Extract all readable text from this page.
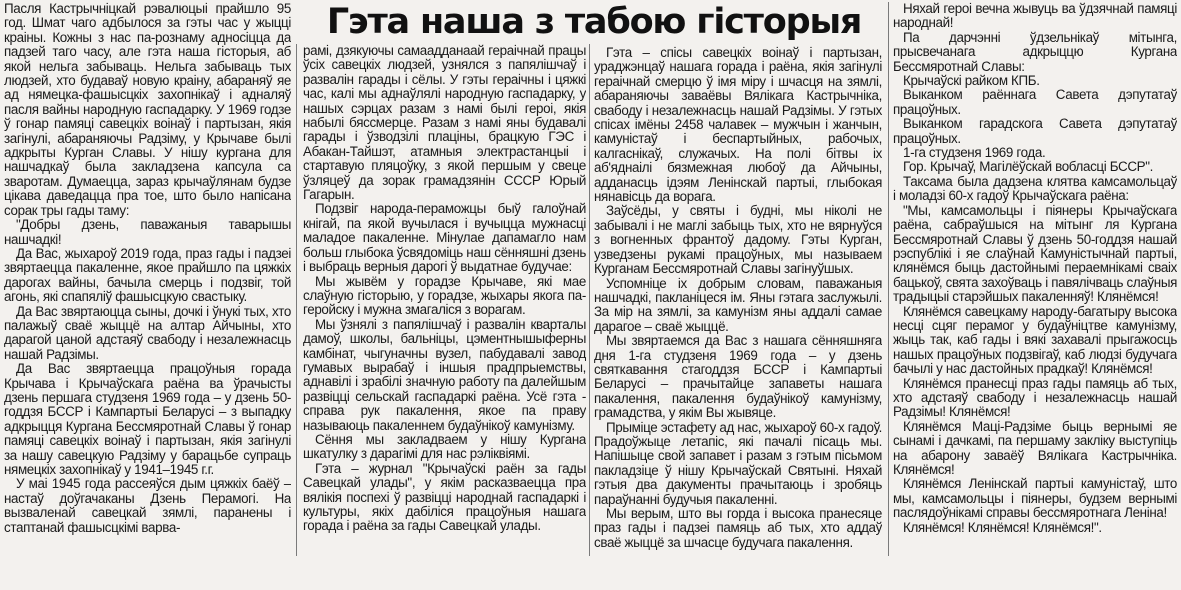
Гэта наша з табою гісторыя

Пасля Кастрычніцкай рэвалюцыі прайшло 95 год. Шмат чаго адбылося за гэты час у жыцці краіны. Кожны з нас па-рознаму адносіцца да падзей таго часу, але гэта наша гісторыя, аб якой нельга забываць. Нельга забываць тых людзей, хто будаваў новую краіну, абараняў яе ад нямецка-фашысцкіх захопнікаў і адналяў пасля вайны народную гаспадарку. У 1969 годзе ў гонар памяці савецкіх воінаў і партызан, якія загінулі, абараняючы Радзіму, у Крычаве былі адкрыты Курган Славы. У нішу кургана для нашчадкаў была закладзена капсула са зваротам. Думаецца, зараз крычаўлянам будзе цікава даведацца пра тое, што было напісана сорак тры гады таму:

"Добры дзень, паважаныя таварышы нашчадкі!

Да Вас, жыхароў 2019 года, праз гады і падзеі звяртаецца пакаленне, якое прайшло па цяжкіх дарогах вайны, бачыла смерць і подзвіг, той агонь, які спапяліў фашысцкую свастыку.

Да Вас звяртаюцца сыны, дочкі і ўнукі тых, хто палажыў сваё жыццё на алтар Айчыны, хто дарагой цаной адстаяў свабоду і незалежнасць нашай Радзімы.

Да Вас звяртаецца працоўныя горада Крычава і Крычаўскага раёна ва ўрачысты дзень першага студзеня 1969 года – у дзень 50-годдзя БССР і Кампартыі Беларусі – з выпадку адкрыцця Кургана Бессмяротнай Славы ў гонар памяці савецкіх воінаў і партызан, якія загінулі за нашу савецкую Радзіму у барацьбе супраць нямецкіх захопнікаў у 1941–1945 г.г.

У маі 1945 года рассеяўся дым цяжкіх баёў – настаў доўгачаканы Дзень Перамогі. На вызваленай савецкай зямлі, паранены і стаптанай фашысцкімі варва-

рамі, дзякуючы самаадданаай гераічнай працы ўсіх савецкіх людзей, узнялся з папялішчаў і развалін гарады і сёлы. У гэты гераічны і цяжкі час, калі мы аднаўлялі народную гаспадарку, у нашых сэрцах разам з намі былі героі, якія набылі бяссмерце. Разам з намі яны будавалі гарады і ўзводзілі плаціны, брацкую ГЭС і Абакан-Тайшэт, атамныя электрастанцыі і стартавую пляцоўку, з якой першым у свеце ўзляцеў да зорак грамадзянін СССР Юрый Гагарын.

Подзвіг народа-пераможцы быў галоўнай кнігай, па якой вучылася і вучыцца мужнасці маладое пакаленне. Мінулае дапамагло нам больш глыбока ўсвядоміць наш сённяшні дзень і выбраць верныя дарогі ў выдатнае будучае:

Мы жывём у горадзе Крычаве, які мае слаўную гісторыю, у горадзе, жыхары якога па-геройску і мужна змагаліся з ворагам.

Мы ўзнялі з папялішчаў і развалін кварталы дамоў, школы, бальніцы, цэментнышыферны камбінат, чыгуначны вузел, пабудавалі завод гумавых вырабаў і іншыя прадпрыемствы, аднавілі і зрабілі значную работу па далейшым развіцці сельскай гаспадаркі раёна. Усё гэта - справа рук пакалення, якое па праву называюць пакаленнем будаўнікоў камунізму.

Сёння мы закладваем у нішу Кургана шкатулку з дарагімі для нас рэліквіямі.

Гэта – журнал "Крычаўскі раён за гады Савецкай улады", у якім расказваецца пра вялікія поспехі ў развіцці народнай гаспадаркі і культуры, якіх дабіліся працоўныя нашага горада і раёна за гады Савецкай улады.

Гэта – спісы савецкіх воінаў і партызан, ураджэнцаў нашага горада і раёна, якія загінулі гераічнай смерцю ў імя міру і шчасця на зямлі, абараняючы заваёвы Вялікага Кастрычніка, свабоду і незалежнасць нашай Радзімы. У гэтых спісах імёны 2458 чалавек – мужчын і жанчын, камуністаў і беспартыйных, рабочых, калгаснікаў, служачых. На полі бітвы іх аб'яднаілі бязмежная любоў да Айчыны, адданасць ідэям Ленінскай партыі, глыбокая нянавісць да ворага.

Заўсёды, у святы і будні, мы ніколі не забывалі і не маглі забыць тых, хто не вярнуўся з вогненных франтоў дадому. Гэты Курган, узведзены рукамі працоўных, мы называем Курганам Бессмяротнай Славы загінуўшых.

Успомніце іх добрым словам, паважаныя нашчадкі, пакланіцеся ім. Яны гэтага заслужылі. За мір на зямлі, за камунізм яны аддалі самае дарагое – сваё жыццё.

Мы звяртаемся да Вас з нашага сённяшняга дня 1-га студзеня 1969 года – у дзень святкавання стагоддзя БССР і Кампартыі Беларусі – прачытайце запаветы нашага пакалення, пакалення будаўнікоў камунізму, грамадства, у якім Вы жывяце.

Прыміце эстафету ад нас, жыхароў 60-х гадоў. Прадоўжыце летапіс, які пачалі пісаць мы. Напішыце свой запавет і разам з гэтым пісьмом пакладзіце ў нішу Крычаўскай Святыні. Няхай гэтыя два дакументы прачытаюць і зробяць параўнанні будучыя пакаленні.

Мы верым, што вы горда і высока пранесяце праз гады і падзеі памяць аб тых, хто аддаў сваё жыццё за шчасце будучага пакалення.

Няхай героі вечна жывуць ва ўдзячнай памяці народнай!

Па дарчэнні ўдзельнікаў мітынга, прысвечанага адкрыццю Кургана Бессмяротнай Славы:

Крычаўскі райком КПБ.

Выканком раённага Савета дэпутатаў працоўных.

Выканком гарадскога Савета дэпутатаў працоўных.

1-га студзеня 1969 года.

Гор. Крычаў, Магілёўскай вобласці БССР".

Таксама была дадзена клятва камсамольцаў і моладзі 60-х гадоў Крычаўскага раёна:

"Мы, камсамольцы і піянеры Крычаўскага раёна, сабраўшыся на мітынг ля Кургана Бессмяротнай Славы ў дзень 50-годдзя нашай рэспублікі і яе слаўнай Камуністычнай партыі, клянёмся быць дастойнымі пераемнікамі сваіх бацькоў, свята захоўваць і павялічваць слаўныя традыцыі старэйшых пакаленняў! Клянёмся!

Клянёмся савецкаму народу-багатыру высока несці сцяг перамог у будаўніцтве камунізму, жыць так, каб гады і вякі захавалі прыгажосць нашых працоўных подзвігаў, каб людзі будучага бачылі у нас дастойных прадкаў! Клянёмся!

Клянёмся пранесці праз гады памяць аб тых, хто адстаяў свабоду і незалежнасць нашай Радзімы! Клянёмся!

Клянёмся Маці-Радзіме быць вернымі яе сынамі і дачкамі, па першаму заклiку выступіць на абарону заваёў Вялікага Кастрычніка. Клянёмся!

Клянёмся Ленінскай партыі камуністаў, што мы, камсамольцы і піянеры, будзем вернымі паслядоўнікамі справы бессмяротнага Леніна!

Клянёмся! Клянёмся! Клянёмся!".
